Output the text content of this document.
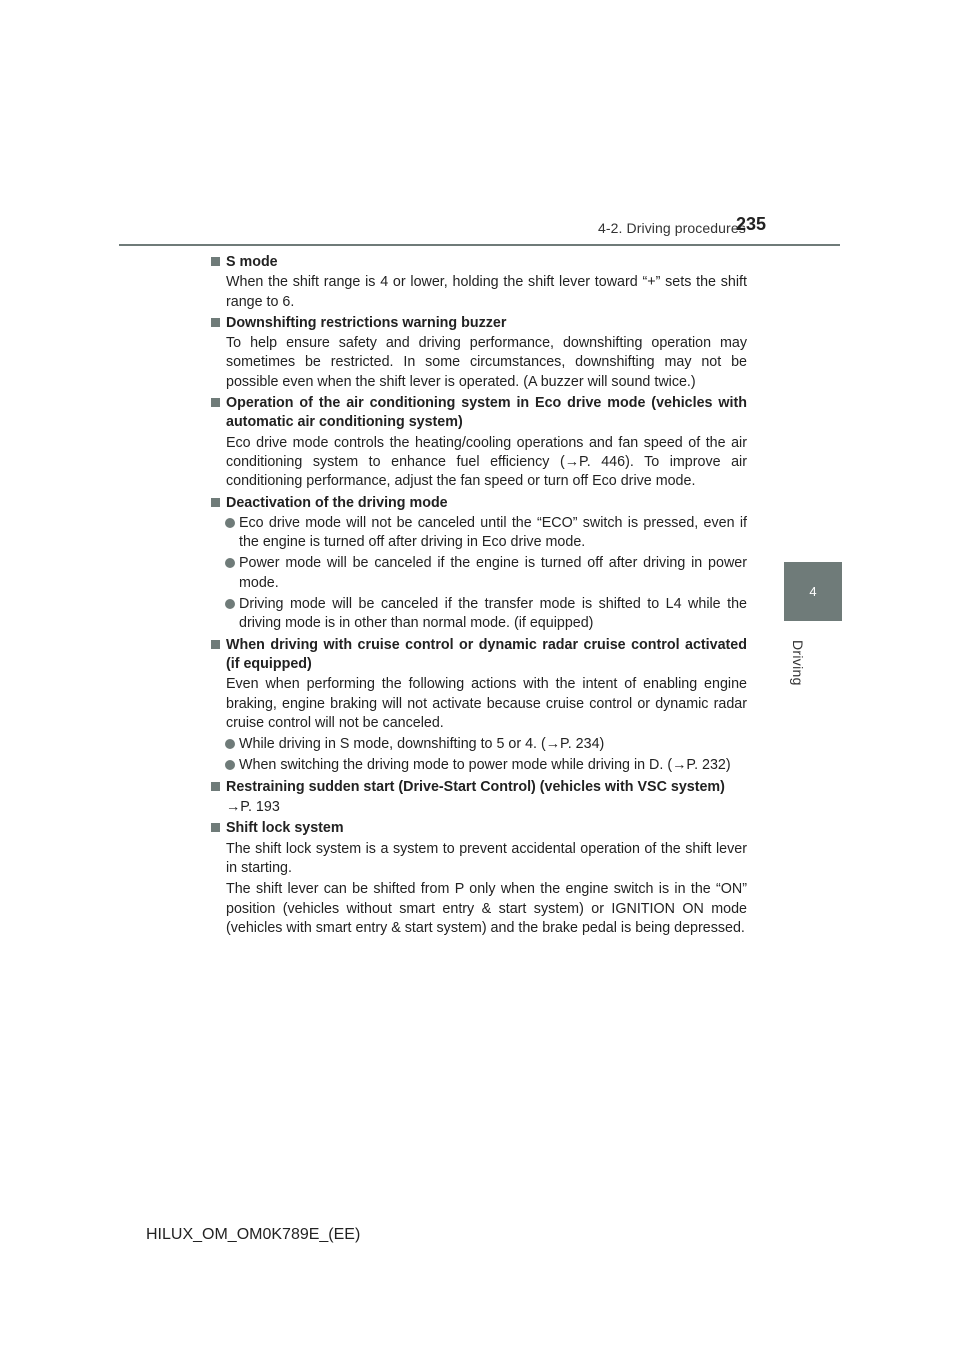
4-2. Driving procedures
235
4
Driving
S mode
When the shift range is 4 or lower, holding the shift lever toward “+” sets the shift range to 6.
Downshifting restrictions warning buzzer
To help ensure safety and driving performance, downshifting operation may sometimes be restricted. In some circumstances, downshifting may not be possible even when the shift lever is operated. (A buzzer will sound twice.)
Operation of the air conditioning system in Eco drive mode (vehicles with automatic air conditioning system)
Eco drive mode controls the heating/cooling operations and fan speed of the air conditioning system to enhance fuel efficiency (→P. 446). To improve air conditioning performance, adjust the fan speed or turn off Eco drive mode.
Deactivation of the driving mode
Eco drive mode will not be canceled until the “ECO” switch is pressed, even if the engine is turned off after driving in Eco drive mode.
Power mode will be canceled if the engine is turned off after driving in power mode.
Driving mode will be canceled if the transfer mode is shifted to L4 while the driving mode is in other than normal mode. (if equipped)
When driving with cruise control or dynamic radar cruise control activated (if equipped)
Even when performing the following actions with the intent of enabling engine braking, engine braking will not activate because cruise control or dynamic radar cruise control will not be canceled.
While driving in S mode, downshifting to 5 or 4. (→P. 234)
When switching the driving mode to power mode while driving in D. (→P. 232)
Restraining sudden start (Drive-Start Control) (vehicles with VSC system)
→P. 193
Shift lock system
The shift lock system is a system to prevent accidental operation of the shift lever in starting.
The shift lever can be shifted from P only when the engine switch is in the “ON” position (vehicles without smart entry & start system) or IGNITION ON mode (vehicles with smart entry & start system) and the brake pedal is being depressed.
HILUX_OM_OM0K789E_(EE)
